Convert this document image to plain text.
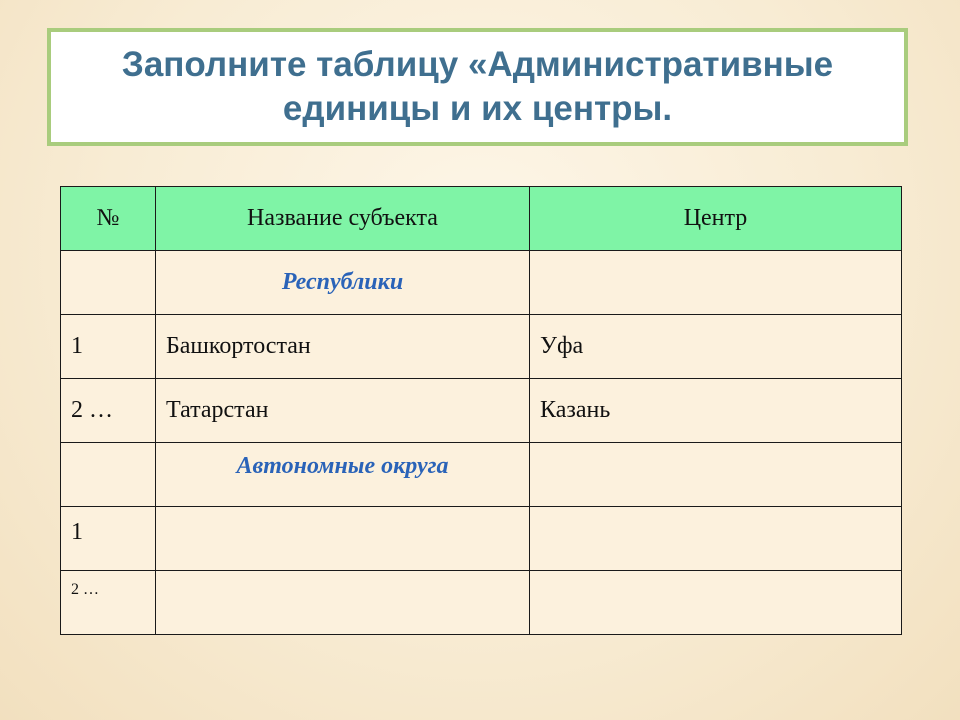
Заполните таблицу «Административные
единицы и их центры.
№	Название субъекта	Центр
	Республики	
1	Башкортостан	Уфа
2 …	Татарстан	Казань
	Автономные округа	
1		
2 …		
